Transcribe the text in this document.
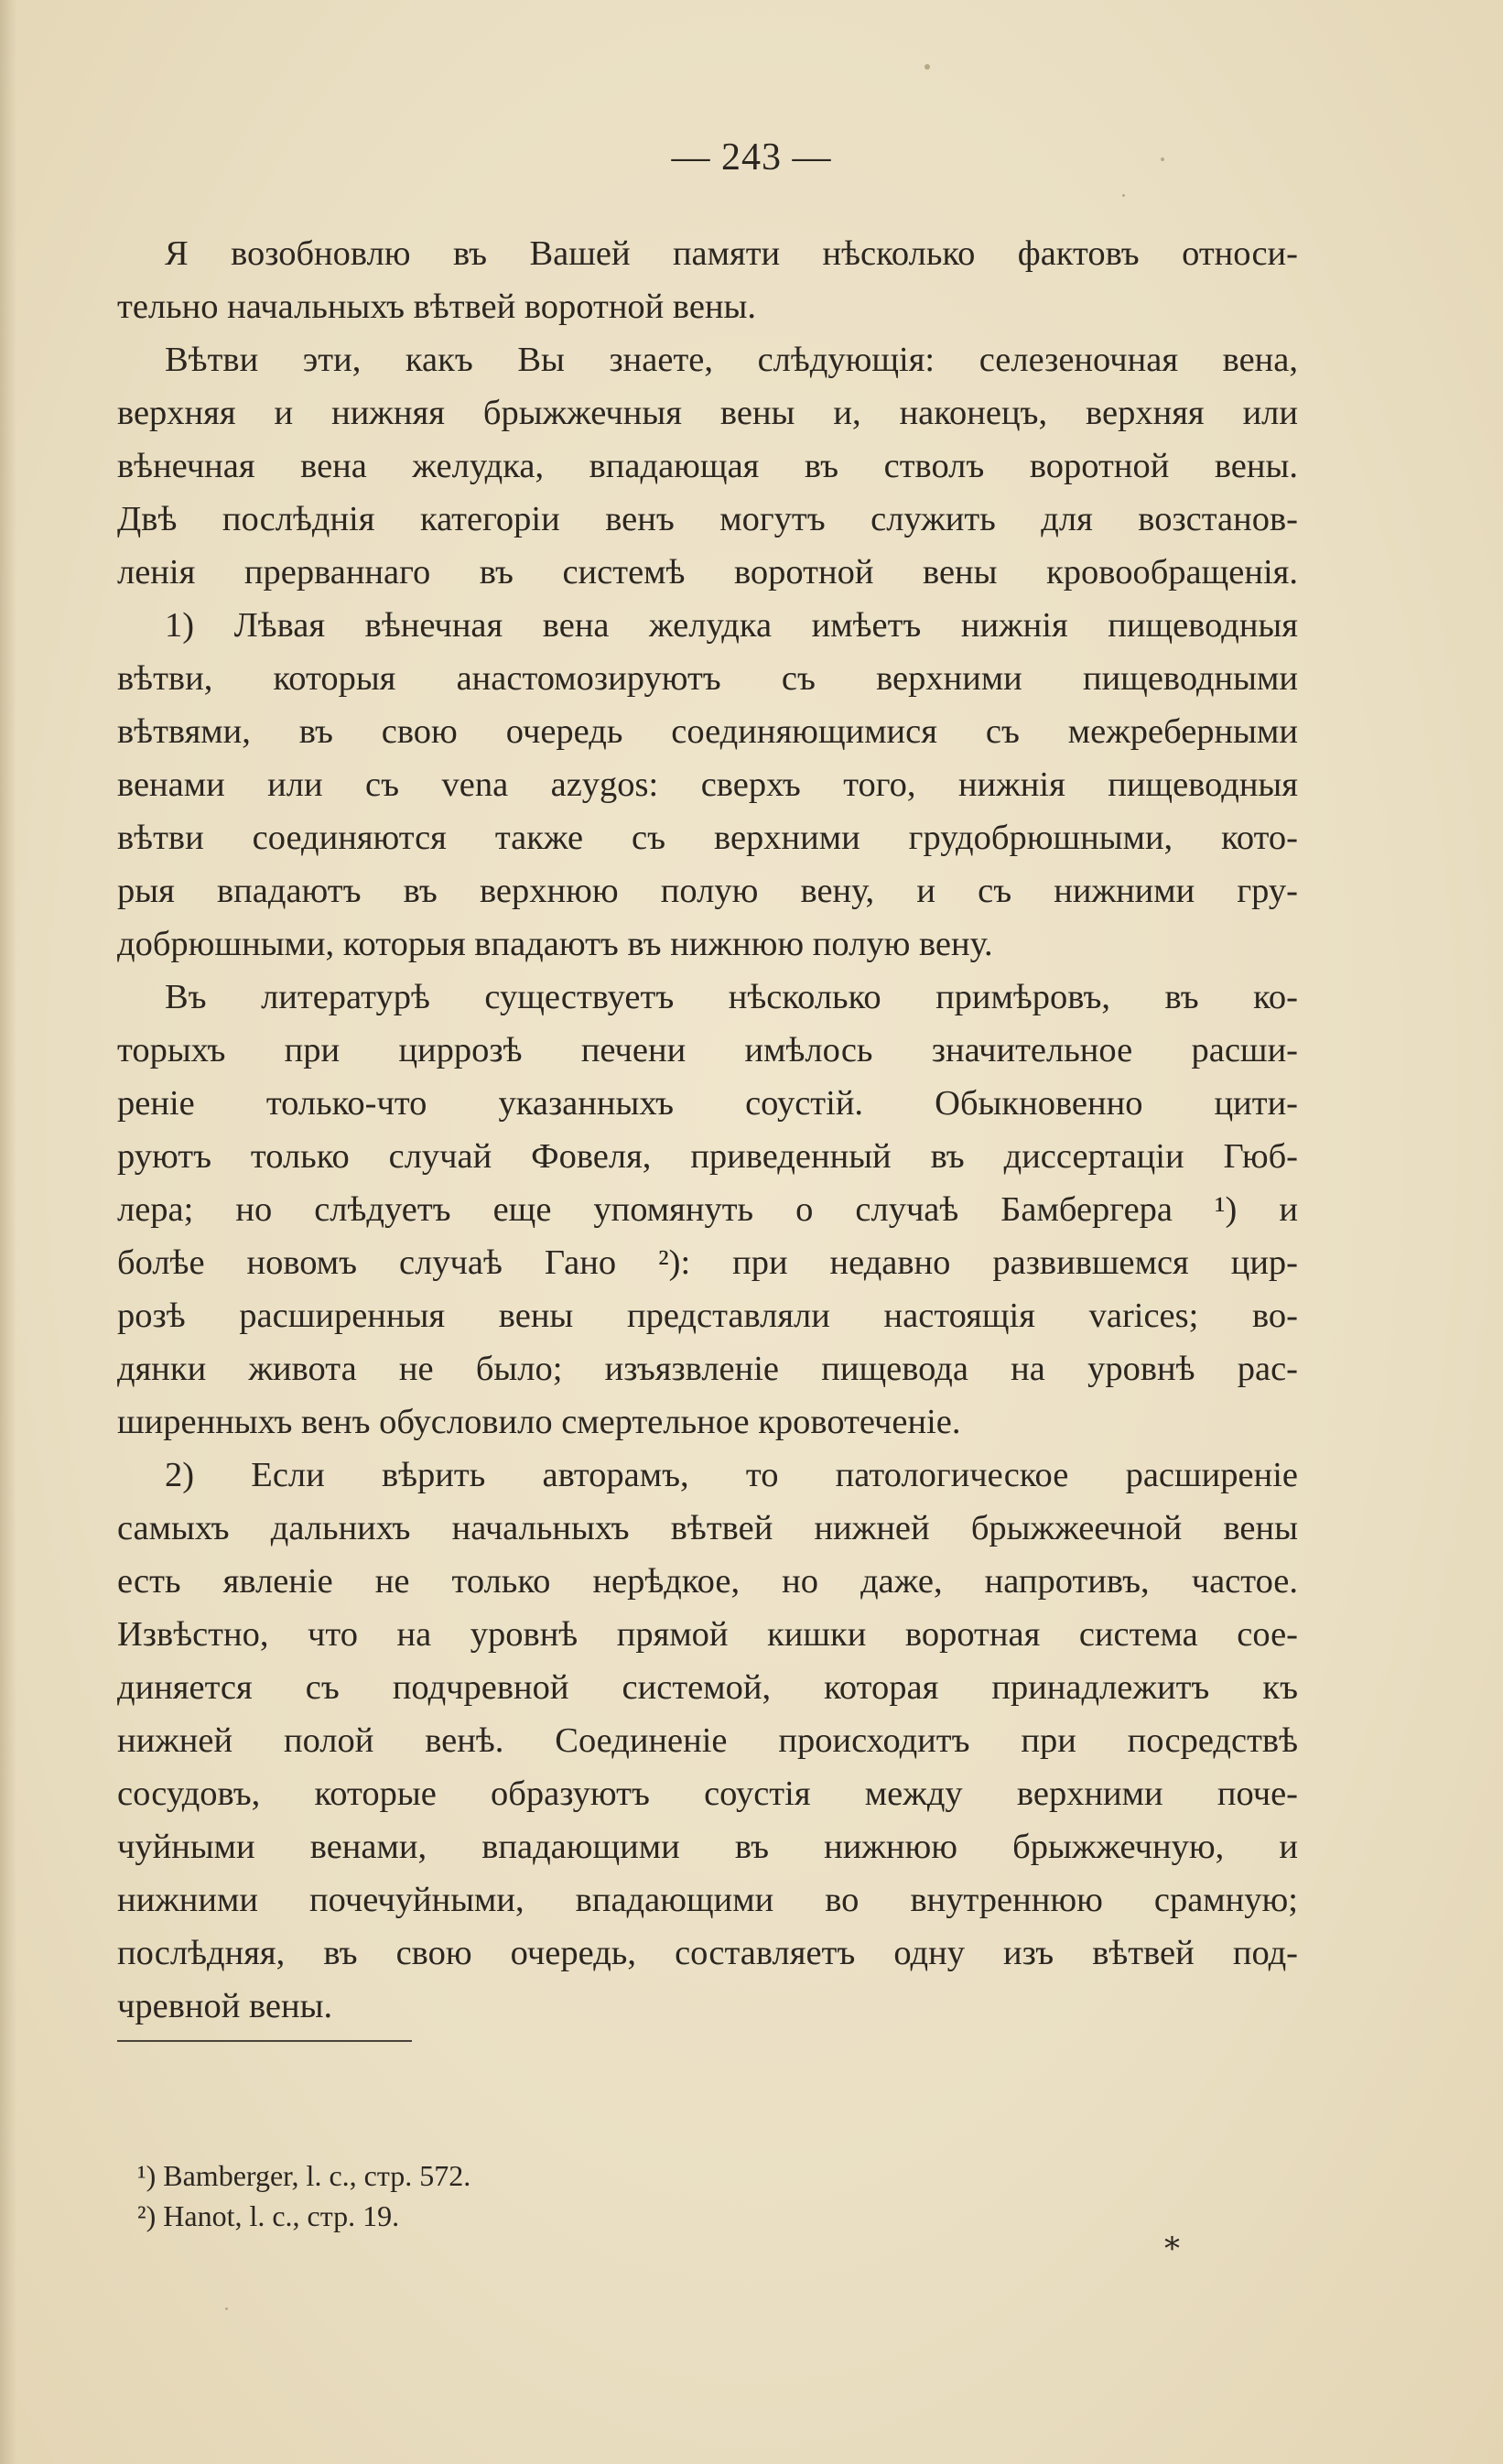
— 243 —
Я возобновлю въ Вашей памяти нѣсколько фактовъ относи-
тельно начальныхъ вѣтвей воротной вены.
Вѣтви эти, какъ Вы знаете, слѣдующія: селезеночная вена,
верхняя и нижняя брыжжечныя вены и, наконецъ, верхняя или
вѣнечная вена желудка, впадающая въ стволъ воротной вены.
Двѣ послѣднія категоріи венъ могутъ служить для возстанов-
ленія прерваннаго въ системѣ воротной вены кровообращенія.
1) Лѣвая вѣнечная вена желудка имѣетъ нижнія пищеводныя
вѣтви, которыя анастомозируютъ съ верхними пищеводными
вѣтвями, въ свою очередь соединяющимися съ межреберными
венами или съ vena azygos: сверхъ того, нижнія пищеводныя
вѣтви соединяются также съ верхними грудобрюшными, кото-
рыя впадаютъ въ верхнюю полую вену, и съ нижними гру-
добрюшными, которыя впадаютъ въ нижнюю полую вену.
Въ литературѣ существуетъ нѣсколько примѣровъ, въ ко-
торыхъ при циррозѣ печени имѣлось значительное расши-
реніе только-что указанныхъ соустій. Обыкновенно цити-
руютъ только случай Фовеля, приведенный въ диссертаціи Гюб-
лера; но слѣдуетъ еще упомянуть о случаѣ Бамбергера ¹) и
болѣе новомъ случаѣ Гано ²): при недавно развившемся цир-
розѣ расширенныя вены представляли настоящія varices; во-
дянки живота не было; изъязвленіе пищевода на уровнѣ рас-
ширенныхъ венъ обусловило смертельное кровотеченіе.
2) Если вѣрить авторамъ, то патологическое расширеніе
самыхъ дальнихъ начальныхъ вѣтвей нижней брыжжеечной вены
есть явленіе не только нерѣдкое, но даже, напротивъ, частое.
Извѣстно, что на уровнѣ прямой кишки воротная система сое-
диняется съ подчревной системой, которая принадлежитъ къ
нижней полой венѣ. Соединеніе происходитъ при посредствѣ
сосудовъ, которые образуютъ соустія между верхними поче-
чуйными венами, впадающими въ нижнюю брыжжечную, и
нижними почечуйными, впадающими во внутреннюю срамную;
послѣдняя, въ свою очередь, составляетъ одну изъ вѣтвей под-
чревной вены.
¹) Bamberger, l. c., стр. 572.
²) Hanot, l. c., стр. 19.
*
